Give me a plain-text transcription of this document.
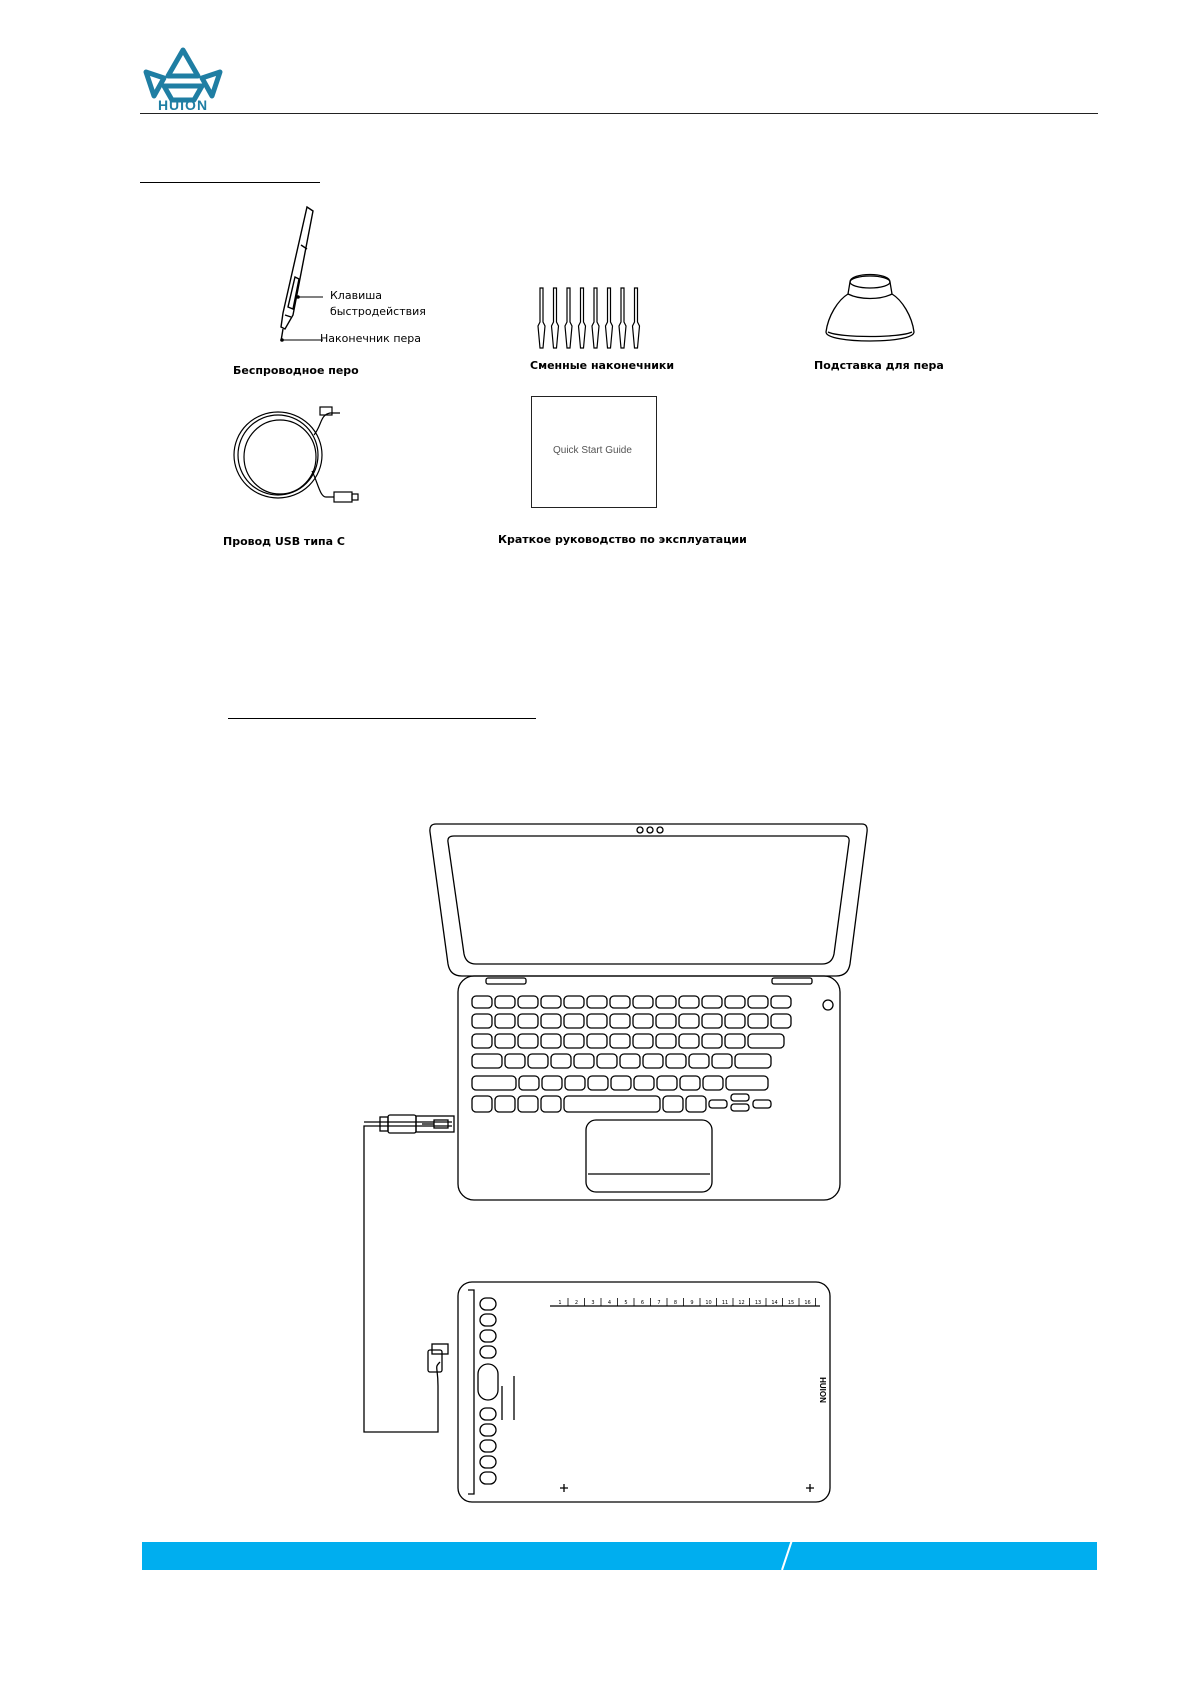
HUION
Клавиша
быстродействия
Наконечник пера
Беспроводное перо	Сменные наконечники	Подставка для пера
Провод USB типа C
Quick Start Guide
Краткое руководство по эксплуатации
1	2	3	4	5	6	7	8	9 10 11 12 13 14 15 16
HUION
